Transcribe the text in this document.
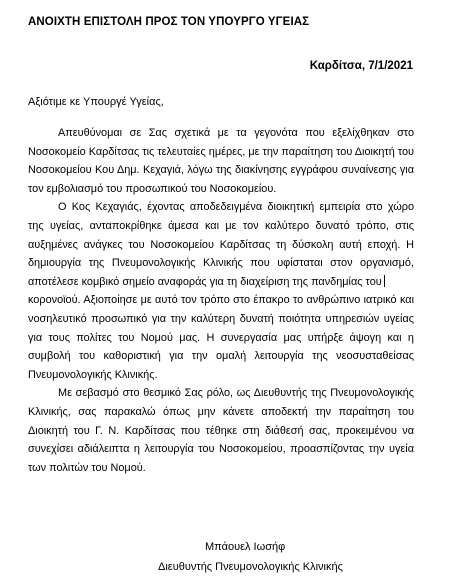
ΑΝΟΙΧΤΗ ΕΠΙΣΤΟΛΗ ΠΡΟΣ ΤΟΝ ΥΠΟΥΡΓΟ ΥΓΕΙΑΣ
Καρδίτσα, 7/1/2021
Αξιότιμε κε Υπουργέ Υγείας,

Απευθύνομαι σε Σας σχετικά με τα γεγονότα που εξελίχθηκαν στο Νοσοκομείο Καρδίτσας τις τελευταίες ημέρες, με την παραίτηση του Διοικητή του Νοσοκομείου Κου Δημ. Κεχαγιά, λόγω της διακίνησης εγγράφου συναίνεσης για τον εμβολιασμό του προσωπικού του Νοσοκομείου.

Ο Κος Κεχαγιάς, έχοντας αποδεδειγμένα διοικητική εμπειρία στο χώρο της υγείας, ανταποκρίθηκε άμεσα και με τον καλύτερο δυνατό τρόπο, στις αυξημένες ανάγκες του Νοσοκομείου Καρδίτσας τη δύσκολη αυτή εποχή. Η δημιουργία της Πνευμονολογικής Κλινικής που υφίσταται στον οργανισμό, αποτέλεσε κομβικό σημείο αναφοράς για τη διαχείριση της πανδημίας του

κορονοϊού. Αξιοποίησε με αυτό τον τρόπο στο έπακρο το ανθρώπινο ιατρικό και νοσηλευτικό προσωπικό για την καλύτερη δυνατή ποιότητα υπηρεσιών υγείας για τους πολίτες του Νομού μας. Η συνεργασία μας υπήρξε άψογη και η συμβολή του καθοριστική για την ομαλή λειτουργία της νεοσυσταθείσας Πνευμονολογικής Κλινικής.

Με σεβασμό στο θεσμικό Σας ρόλο, ως Διευθυντής της Πνευμονολογικής Κλινικής, σας παρακαλώ όπως μην κάνετε αποδεκτή την παραίτηση του Διοικητή του Γ. Ν. Καρδίτσας που τέθηκε στη διάθεσή σας, προκειμένου να συνεχίσει αδιάλειπτα η λειτουργία του Νοσοκομείου, προασπίζοντας την υγεία των πολιτών του Νομού.

Μπάουελ Ιωσήφ
Διευθυντής Πνευμονολογικής Κλινικής
